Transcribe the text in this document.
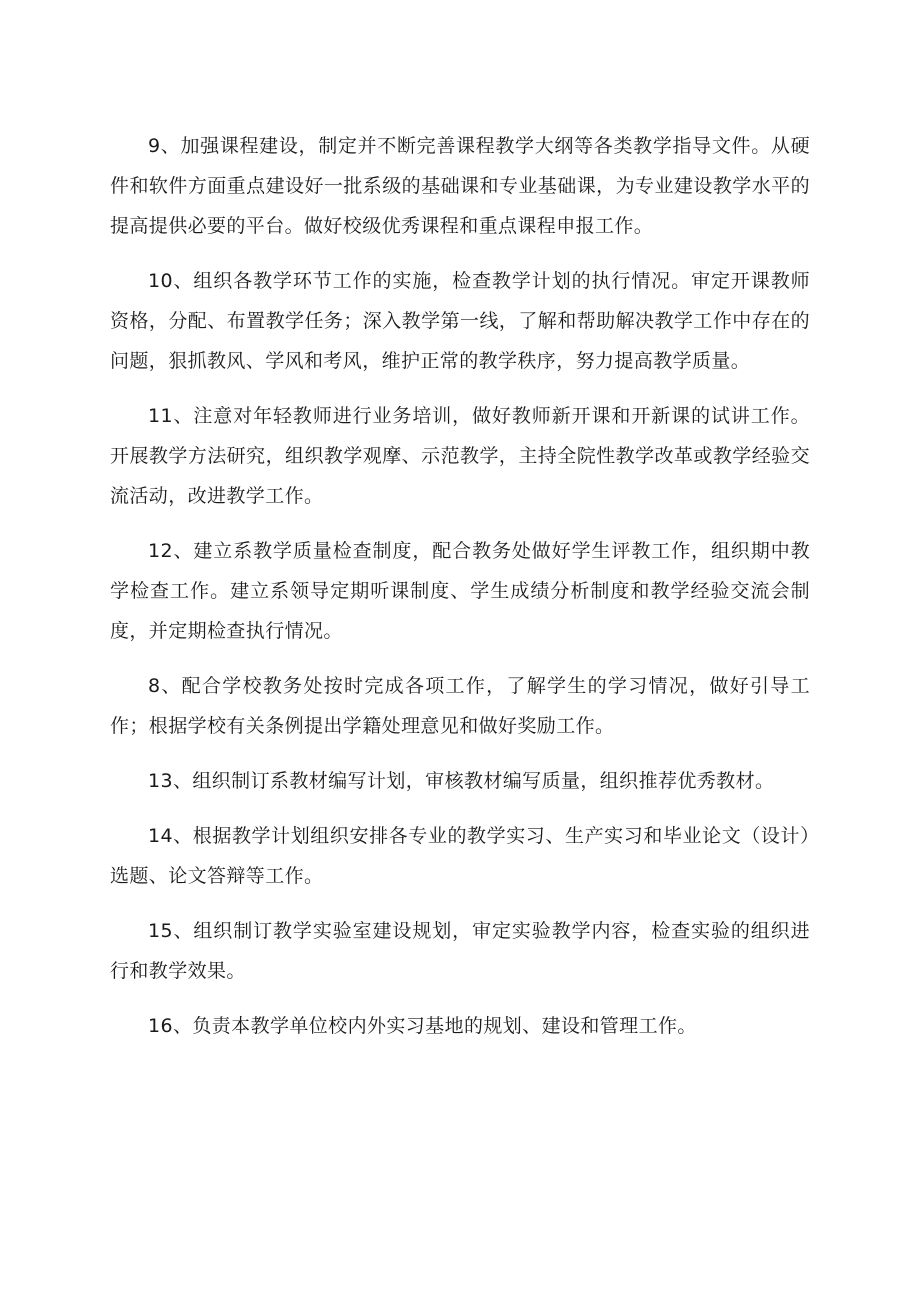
9、加强课程建设，制定并不断完善课程教学大纲等各类教学指导文件。从硬件和软件方面重点建设好一批系级的基础课和专业基础课，为专业建设教学水平的提高提供必要的平台。做好校级优秀课程和重点课程申报工作。

10、组织各教学环节工作的实施，检查教学计划的执行情况。审定开课教师资格，分配、布置教学任务；深入教学第一线，了解和帮助解决教学工作中存在的问题，狠抓教风、学风和考风，维护正常的教学秩序，努力提高教学质量。

11、注意对年轻教师进行业务培训，做好教师新开课和开新课的试讲工作。开展教学方法研究，组织教学观摩、示范教学，主持全院性教学改革或教学经验交流活动，改进教学工作。

12、建立系教学质量检查制度，配合教务处做好学生评教工作，组织期中教学检查工作。建立系领导定期听课制度、学生成绩分析制度和教学经验交流会制度，并定期检查执行情况。

8、配合学校教务处按时完成各项工作，了解学生的学习情况，做好引导工作；根据学校有关条例提出学籍处理意见和做好奖励工作。

13、组织制订系教材编写计划，审核教材编写质量，组织推荐优秀教材。

14、根据教学计划组织安排各专业的教学实习、生产实习和毕业论文（设计）选题、论文答辩等工作。

15、组织制订教学实验室建设规划，审定实验教学内容，检查实验的组织进行和教学效果。

16、负责本教学单位校内外实习基地的规划、建设和管理工作。
